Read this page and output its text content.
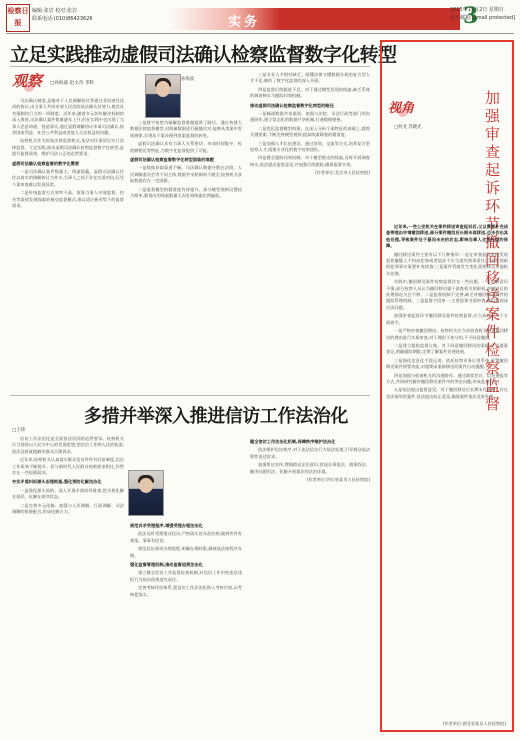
检察日报
编辑:张岩 校对:张岩
联系电话:(010)86423626	实务	3
2025年11月2日 星期日
电子邮箱:[email protected]
立足实践推动虚假司法确认检察监督数字化转型
观察	□孙海波 赵文奇 李科

司法确认制度,是指对于人民调解协议等通过非诉途径达成的协议,由当事人共同申请人民法院依法确认其效力,使其具有强制执行力的一项制度。近年来,随着多元纠纷解决机制的深入推进,司法确认案件数量逐年上升,但在实践中也出现了当事人恶意串通、捏造事实,通过虚假调解协议申请司法确认,损害国家利益、社会公共利益或者他人合法权益的问题。

检察机关作为国家法律监督机关,依法对民事诉讼实行法律监督。立足实践,推动虚假司法确认检察监督数字化转型,是提升监督质效、维护司法公正的必然要求。

虚假司法确认检察监督的数字化需要

一是司法确认案件数量大、线索隐蔽。虚假司法确认往往以真实的调解协议为外衣,当事人之间不存在实质对抗,仅凭个案审查难以发现异常。

二是传统监督方式效率不高。依靠当事人申请监督、控告等渠道发现线索的被动监督模式,难以适应新形势下的监督需求。

孙海波

三是数字检察为破解监督难题提供了路径。通过构建大数据法律监督模型,对海量数据进行碰撞比对,能够从类案中发现规律,实现从个案办理到类案监督的转变。

虚假司法确认具有当事人关系密切、申请时间集中、标的额相近等特征,为数字化监督提供了可能。

虚假司法确认检察监督数字化转型面临的难题

一是数据获取渠道不畅。司法确认数据分散在法院、人民调解委员会等不同主体,数据共享机制尚不健全,检察机关获取数据存在一定困难。

二是监督模型的精准度有待提升。部分模型规则设置较为简单,筛查出的线索数量大而有效线索比例偏低。

三是专业人才相对缺乏。既懂法律又懂数据分析的复合型人才不足,制约了数字化监督的深入开展。

四是监督后续跟进不足。对于通过模型发现的线索,缺乏系统的调查核实与跟踪问效机制。

推动虚假司法确认检察监督数字化转型的路径

一是畅通数据共享渠道。加强与法院、司法行政等部门的沟通协作,建立常态化的数据共享机制,打通数据壁垒。

二是优化监督模型构建。在深入分析个案特征的基础上,提炼关键要素,不断完善模型规则,提高线索筛查的精准度。

三是加强人才队伍建设。通过培训、交流等方式,培养复合型检察人才,组建专业化的数字检察团队。

四是健全跟踪问效机制。对于模型推送的线索,及时开展调查核实,依法提出监督意见,并加强后续跟踪,确保监督实效。

(作者单位:北京市人民检察院)

多措并举深入推进信访工作法治化
□王炜

信访工作法治化是全面依法治国的必然要求。检察机关应当坚持以人民为中心的发展思想,把信访工作纳入法治轨道,依法及时就地解决群众合理诉求。

近年来,检察机关认真落实群众信访件件有回复制度,信访工作质效不断提升。但与新时代人民群众的新要求相比,仍然存在一些短板弱项。

夯实矛盾纠纷源头治理根基,强化预防化解法治化

一是强化源头预防。深入开展矛盾纠纷排查,把矛盾化解在基层、化解在萌芽状态。

二是完善多元化解。加强与人民调解、行政调解、司法调解的衔接配合,形成化解合力。

规范诉求受理程序,增强受理办理法治化

依法及时受理群众信访,严格落实首办责任制,做到件件有着落、事事有回音。

规范信访事项办理流程,明确办理时限,确保依法按程序办理。

强化监督管理机制,推动监督追责法治化

建立健全信访工作监督检查机制,对信访工作中的违法违纪行为依法依规追究责任。

完善考核评价体系,把信访工作法治化纳入考核内容,以考核促落实。

健全信访工作法治化机制,保障秩序维护法治化

依法维护信访秩序,对于违法信访行为依法处理,引导群众依法理性表达诉求。

加强普法宣传,增强群众法治意识,营造办事依法、遇事找法、解决问题用法、化解矛盾靠法的法治环境。

(作者单位:四川省某市人民检察院)

视角
□何龙 苏晓光	加强审查起诉环节撤回移送案件检察监督

近年来,一些公安机关在案件移送审查起诉后,又以需要补充侦查等理由申请撤回移送,部分案件撤回后长期未再移送,也未作出其他处理,导致案件处于悬而未决的状态,影响当事人合法权益的保障。

撤回移送案件主要有以下几种情形:一是在审查起诉阶段发现犯罪嫌疑人不构成犯罪或者依法不应当追究刑事责任;二是发现新的犯罪事实需要补充侦查;三是案件管辖发生变化需要移交其他机关处理。

实践中,撤回移送案件检察监督存在一些问题。一是监督意识不强,部分检察人员认为撤回移送属于侦查机关的职权,对撤回后的处理情况关注不够。二是监督机制不完善,缺乏对撤回移送案件的跟踪管理机制。三是监督手段单一,主要依靠书面审查,难以发现深层次问题。

加强审查起诉环节撤回移送案件检察监督,应当从以下几个方面着手。

一是严格审查撤回理由。检察机关应当对侦查机关申请撤回移送的理由进行实质审查,对于理由不充分的,不予同意撤回。

二是建立跟踪监督台账。对于同意撤回移送的案件,应当逐案登记,明确跟踪期限,定期了解案件处理进展。

三是强化信息化手段运用。依托检察业务应用系统,设置撤回移送案件预警功能,对超期未重新移送的案件自动提醒。

四是加强与侦查机关的沟通协作。通过联席会议、信息通报等方式,共同研究解决撤回移送案件中的突出问题,形成监督合力。

五是依法提出监督意见。对于撤回移送后长期未作处理、存在违法情形的案件,依法提出纠正意见,确保案件依法及时处理。

(作者单位:湖北省某县人民检察院)
